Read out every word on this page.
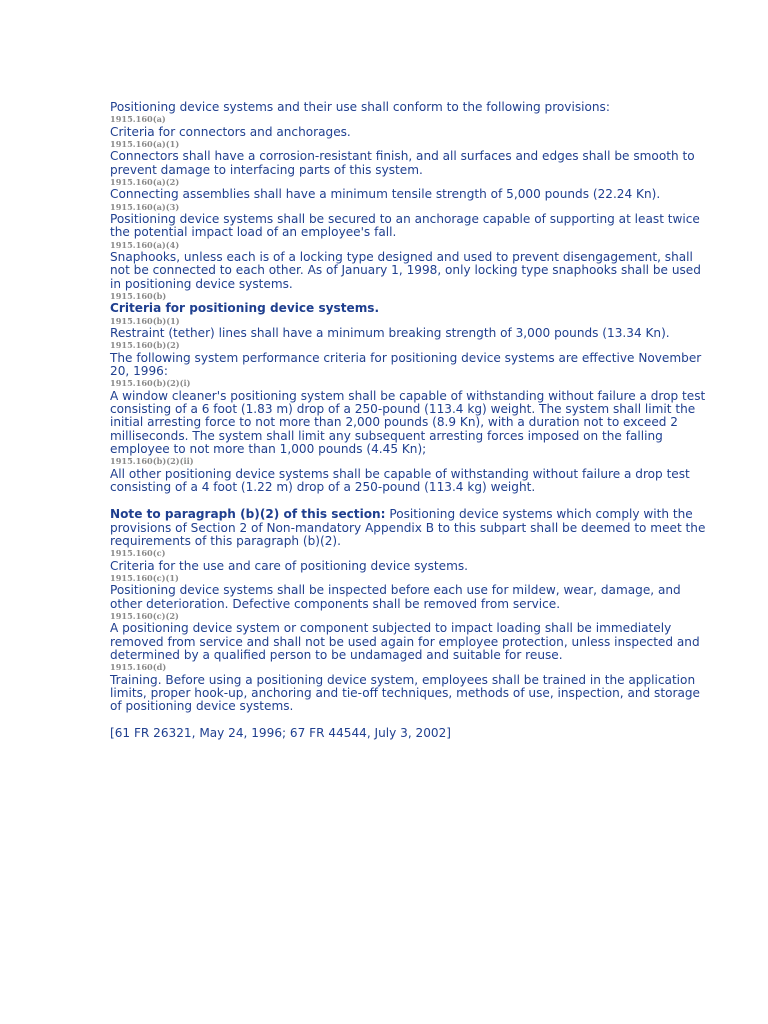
Positioning device systems and their use shall conform to the following provisions:

1915.160(a)

Criteria for connectors and anchorages.

1915.160(a)(1)

Connectors shall have a corrosion-resistant finish, and all surfaces and edges shall be smooth to prevent damage to interfacing parts of this system.

1915.160(a)(2)

Connecting assemblies shall have a minimum tensile strength of 5,000 pounds (22.24 Kn).

1915.160(a)(3)

Positioning device systems shall be secured to an anchorage capable of supporting at least twice the potential impact load of an employee's fall.

1915.160(a)(4)

Snaphooks, unless each is of a locking type designed and used to prevent disengagement, shall not be connected to each other. As of January 1, 1998, only locking type snaphooks shall be used in positioning device systems.

1915.160(b)

Criteria for positioning device systems.

1915.160(b)(1)

Restraint (tether) lines shall have a minimum breaking strength of 3,000 pounds (13.34 Kn).

1915.160(b)(2)

The following system performance criteria for positioning device systems are effective November 20, 1996:

1915.160(b)(2)(i)

A window cleaner's positioning system shall be capable of withstanding without failure a drop test consisting of a 6 foot (1.83 m) drop of a 250-pound (113.4 kg) weight. The system shall limit the initial arresting force to not more than 2,000 pounds (8.9 Kn), with a duration not to exceed 2 milliseconds. The system shall limit any subsequent arresting forces imposed on the falling employee to not more than 1,000 pounds (4.45 Kn);

1915.160(b)(2)(ii)

All other positioning device systems shall be capable of withstanding without failure a drop test consisting of a 4 foot (1.22 m) drop of a 250-pound (113.4 kg) weight.

Note to paragraph (b)(2) of this section: Positioning device systems which comply with the provisions of Section 2 of Non-mandatory Appendix B to this subpart shall be deemed to meet the requirements of this paragraph (b)(2).

1915.160(c)

Criteria for the use and care of positioning device systems.

1915.160(c)(1)

Positioning device systems shall be inspected before each use for mildew, wear, damage, and other deterioration. Defective components shall be removed from service.

1915.160(c)(2)

A positioning device system or component subjected to impact loading shall be immediately removed from service and shall not be used again for employee protection, unless inspected and determined by a qualified person to be undamaged and suitable for reuse.

1915.160(d)

Training. Before using a positioning device system, employees shall be trained in the application limits, proper hook-up, anchoring and tie-off techniques, methods of use, inspection, and storage of positioning device systems.

[61 FR 26321, May 24, 1996; 67 FR 44544, July 3, 2002]
